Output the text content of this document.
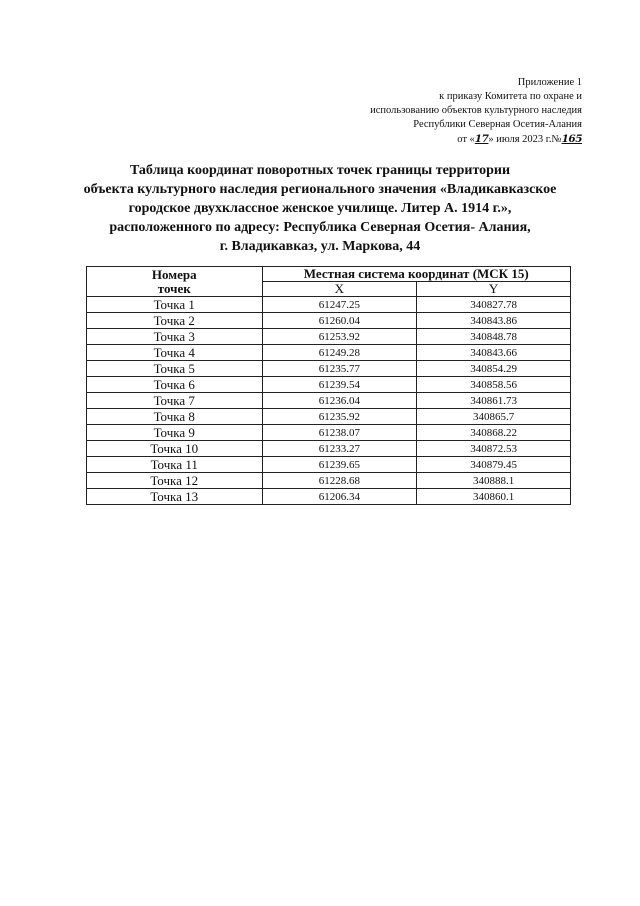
Приложение 1
к приказу Комитета по охране и
использованию объектов культурного наследия
Республики Северная Осетия-Алания
от «17» июля 2023 г.№165
Таблица координат поворотных точек границы территории
объекта культурного наследия регионального значения «Владикавказское
городское двухклассное женское училище. Литер А. 1914 г.»,
расположенного по адресу: Республика Северная Осетия- Алания,
г. Владикавказ, ул. Маркова, 44
Номера
точек	Местная система координат (МСК 15)	
	X	Y
Точка 1	61247.25	340827.78
Точка 2	61260.04	340843.86
Точка 3	61253.92	340848.78
Точка 4	61249.28	340843.66
Точка 5	61235.77	340854.29
Точка 6	61239.54	340858.56
Точка 7	61236.04	340861.73
Точка 8	61235.92	340865.7
Точка 9	61238.07	340868.22
Точка 10	61233.27	340872.53
Точка 11	61239.65	340879.45
Точка 12	61228.68	340888.1
Точка 13	61206.34	340860.1
